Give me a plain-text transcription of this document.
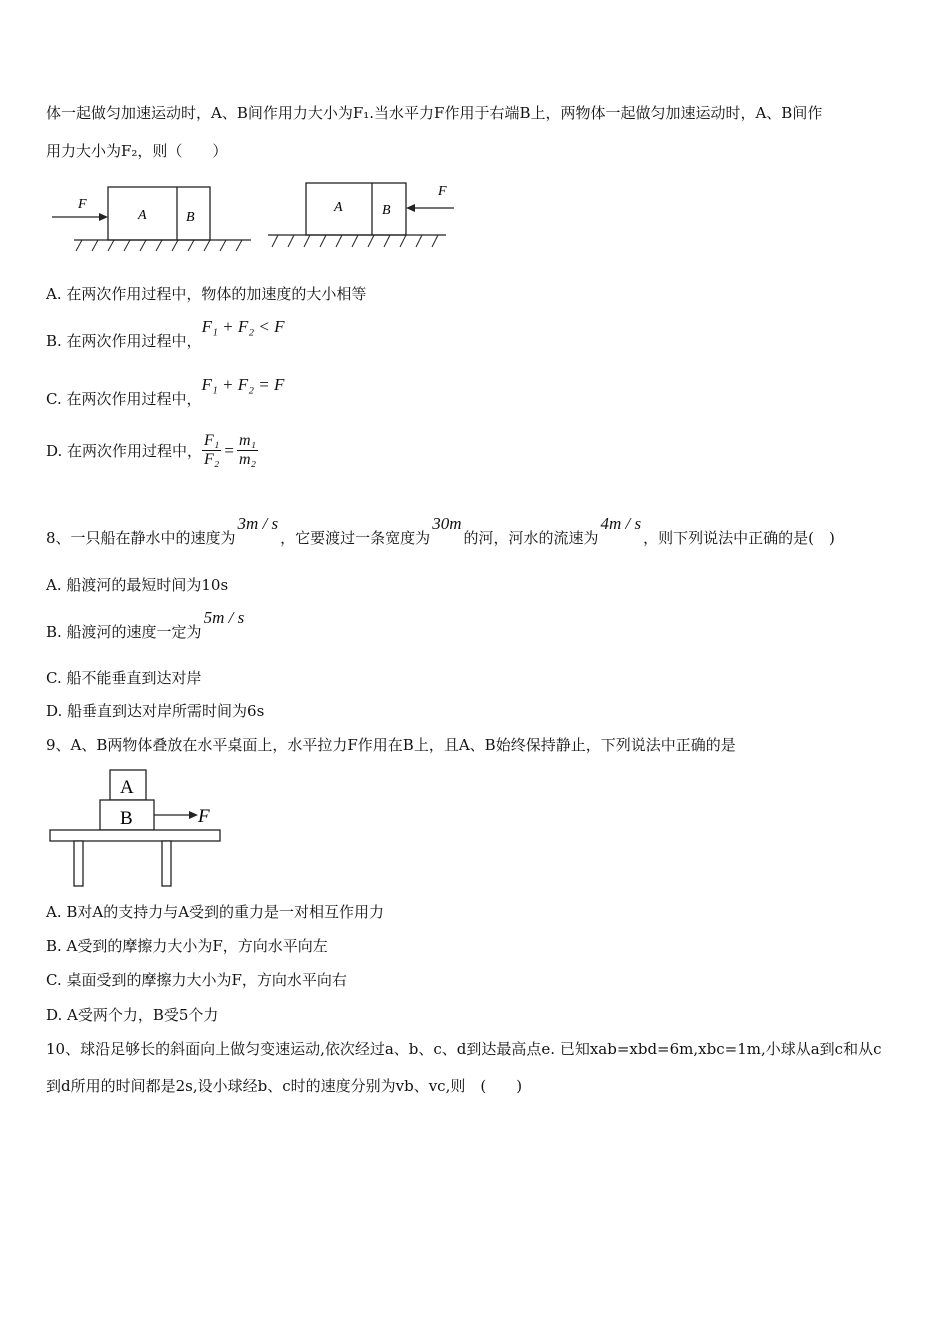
体一起做匀加速运动时，A、B间作用力大小为F₁.当水平力F作用于右端B上，两物体一起做匀加速运动时，A、B间作
用力大小为F₂，则（　　）
F
A	B
F
A	B
A. 在两次作用过程中，物体的加速度的大小相等
B. 在两次作用过程中，F₁ + F₂ < F
C. 在两次作用过程中，F₁ + F₂ = F
D. 在两次作用过程中， $\frac{\text{F₁}}{\text{F₂}} = \frac{\text{m₁}}{\text{m₂}}$
8、一只船在静水中的速度为3m / s，它要渡过一条宽度为30m的河，河水的流速为4m / s，则下列说法中正确的是(　)
A. 船渡河的最短时间为10s
B. 船渡河的速度一定为5m / s
C. 船不能垂直到达对岸
D. 船垂直到达对岸所需时间为6s
9、A、B两物体叠放在水平桌面上，水平拉力F作用在B上，且A、B始终保持静止，下列说法中正确的是
A
B	F
A. B对A的支持力与A受到的重力是一对相互作用力
B. A受到的摩擦力大小为F，方向水平向左
C. 桌面受到的摩擦力大小为F，方向水平向右
D. A受两个力，B受5个力
10、球沿足够长的斜面向上做匀变速运动,依次经过a、b、c、d到达最高点e. 已知xab=xbd=6m,xbc=1m,小球从a到c和从c
到d所用的时间都是2s,设小球经b、c时的速度分别为vb、vc,则　(　　)
